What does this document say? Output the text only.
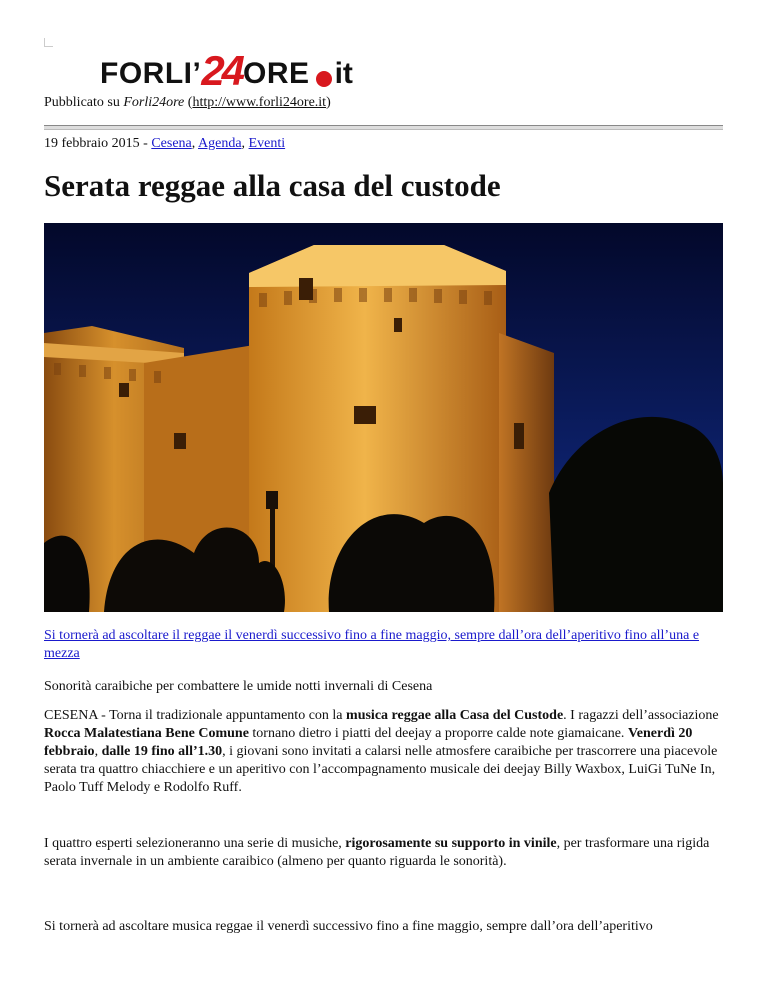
FORLI’ 24 ORE it
Pubblicato su Forli24ore (http://www.forli24ore.it)
19 febbraio 2015 - Cesena, Agenda, Eventi
Serata reggae alla casa del custode
Si tornerà ad ascoltare il reggae il venerdì successivo fino a fine maggio, sempre dall’ora dell’aperitivo fino all’una e mezza

Sonorità caraibiche per combattere le umide notti invernali di Cesena

CESENA - Torna il tradizionale appuntamento con la musica reggae alla Casa del Custode. I ragazzi dell’associazione Rocca Malatestiana Bene Comune tornano dietro i piatti del deejay a proporre calde note giamaicane. Venerdì 20 febbraio, dalle 19 fino all’1.30, i giovani sono invitati a calarsi nelle atmosfere caraibiche per trascorrere una piacevole serata tra quattro chiacchiere e un aperitivo con l’accompagnamento musicale dei deejay Billy Waxbox, LuiGi TuNe In, Paolo Tuff Melody e Rodolfo Ruff.

I quattro esperti selezioneranno una serie di musiche, rigorosamente su supporto in vinile, per trasformare una rigida serata invernale in un ambiente caraibico (almeno per quanto riguarda le sonorità).

Si tornerà ad ascoltare musica reggae il venerdì successivo fino a fine maggio, sempre dall’ora dell’aperitivo
